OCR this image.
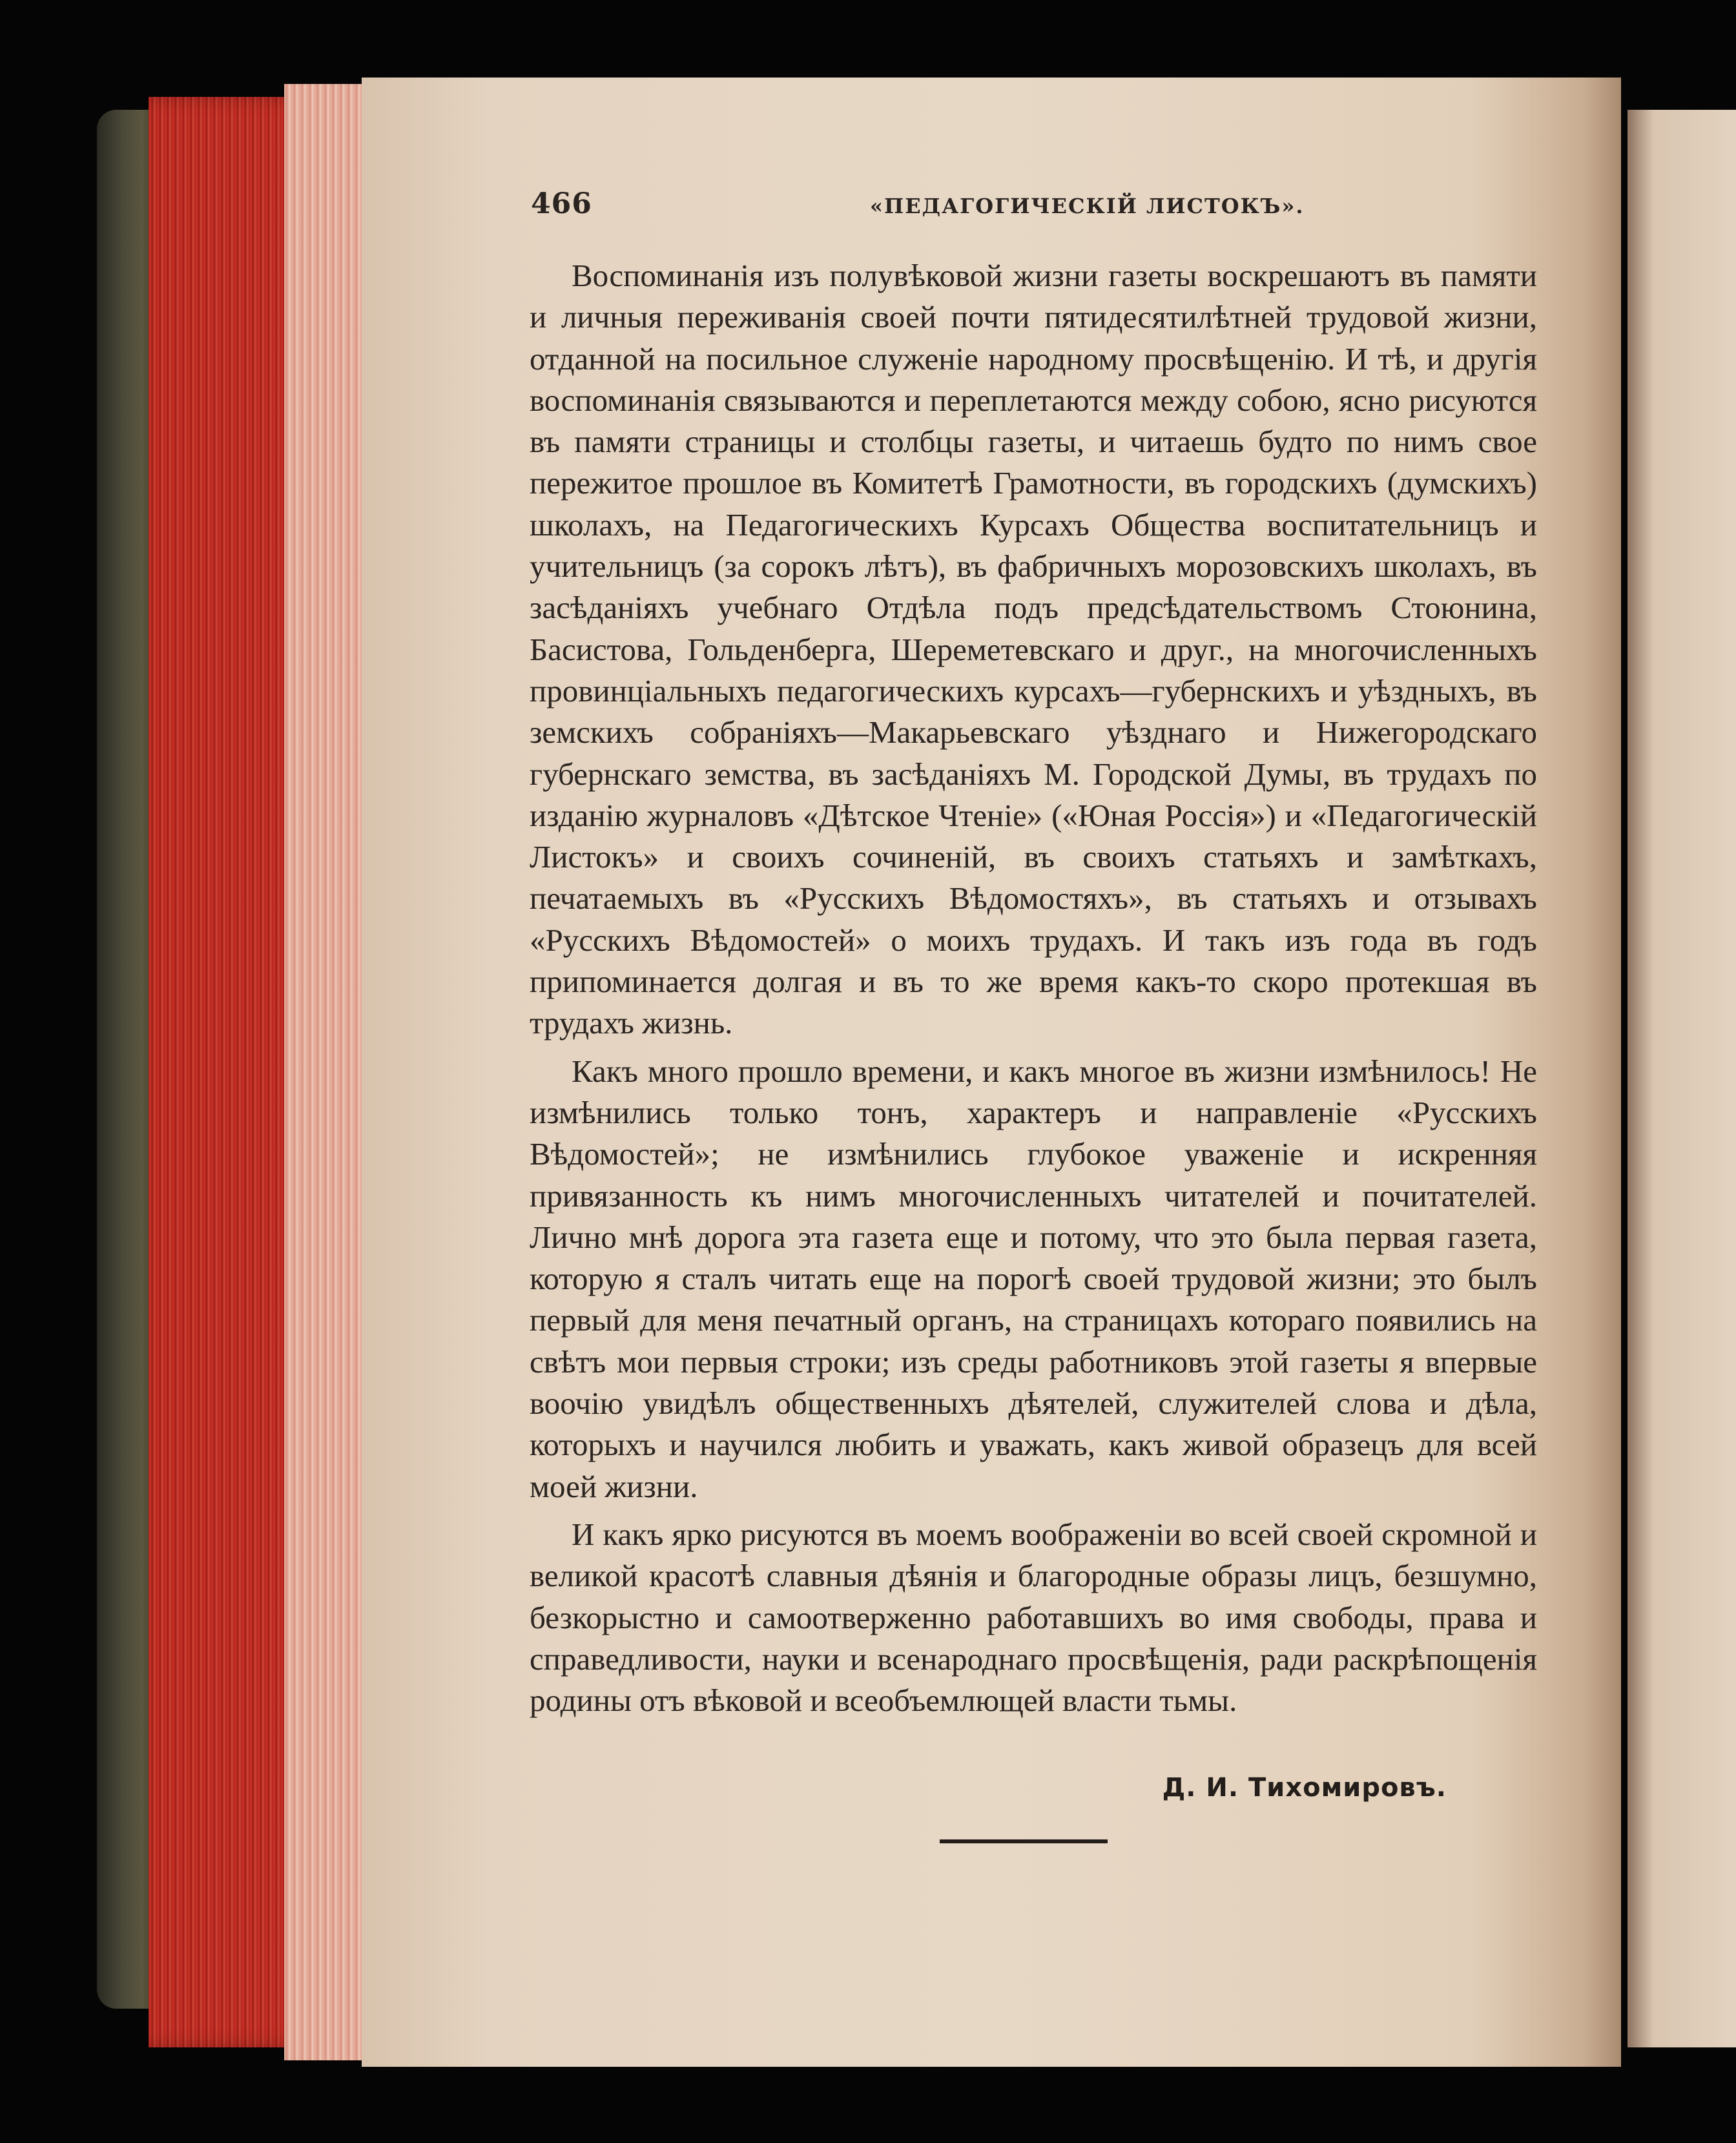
466	«ПЕДАГОГИЧЕСКIЙ ЛИСТОКЪ».

Воспоминанія изъ полувѣковой жизни газеты воскрешаютъ въ памяти и личныя переживанія своей почти пятидесятилѣтней трудовой жизни, отданной на посильное служеніе народному просвѣщенію. И тѣ, и другія воспоминанія связываются и переплетаются между собою, ясно рисуются въ памяти страницы и столбцы газеты, и читаешь будто по нимъ свое пережитое прошлое въ Комитетѣ Грамотности, въ городскихъ (думскихъ) школахъ, на Педагогическихъ Курсахъ Общества воспитательницъ и учительницъ (за сорокъ лѣтъ), въ фабричныхъ морозовскихъ школахъ, въ засѣданіяхъ учебнаго Отдѣла подъ предсѣдательствомъ Стоюнина, Басистова, Гольденберга, Шереметевскаго и друг., на многочисленныхъ провинціальныхъ педагогическихъ курсахъ—губернскихъ и уѣздныхъ, въ земскихъ собраніяхъ—Макарьевскаго уѣзднаго и Нижегородскаго губернскаго земства, въ засѣданіяхъ М. Городской Думы, въ трудахъ по изданію журналовъ «Дѣтское Чтеніе» («Юная Россія») и «Педагогическій Листокъ» и своихъ сочиненій, въ своихъ статьяхъ и замѣткахъ, печатаемыхъ въ «Русскихъ Вѣдомостяхъ», въ статьяхъ и отзывахъ «Русскихъ Вѣдомостей» о моихъ трудахъ. И такъ изъ года въ годъ припоминается долгая и въ то же время какъ-то скоро протекшая въ трудахъ жизнь.

Какъ много прошло времени, и какъ многое въ жизни измѣнилось! Не измѣнились только тонъ, характеръ и направленіе «Русскихъ Вѣдомостей»; не измѣнились глубокое уваженіе и искренняя привязанность къ нимъ многочисленныхъ читателей и почитателей. Лично мнѣ дорога эта газета еще и потому, что это была первая газета, которую я сталъ читать еще на порогѣ своей трудовой жизни; это былъ первый для меня печатный органъ, на страницахъ котораго появились на свѣтъ мои первыя строки; изъ среды работниковъ этой газеты я впервые воочію увидѣлъ общественныхъ дѣятелей, служителей слова и дѣла, которыхъ и научился любить и уважать, какъ живой образецъ для всей моей жизни.

И какъ ярко рисуются въ моемъ воображеніи во всей своей скромной и великой красотѣ славныя дѣянія и благородные образы лицъ, безшумно, безкорыстно и самоотверженно работавшихъ во имя свободы, права и справедливости, науки и всенароднаго просвѣщенія, ради раскрѣпощенія родины отъ вѣковой и всеобъемлющей власти тьмы.

Д. И. Тихомировъ.
